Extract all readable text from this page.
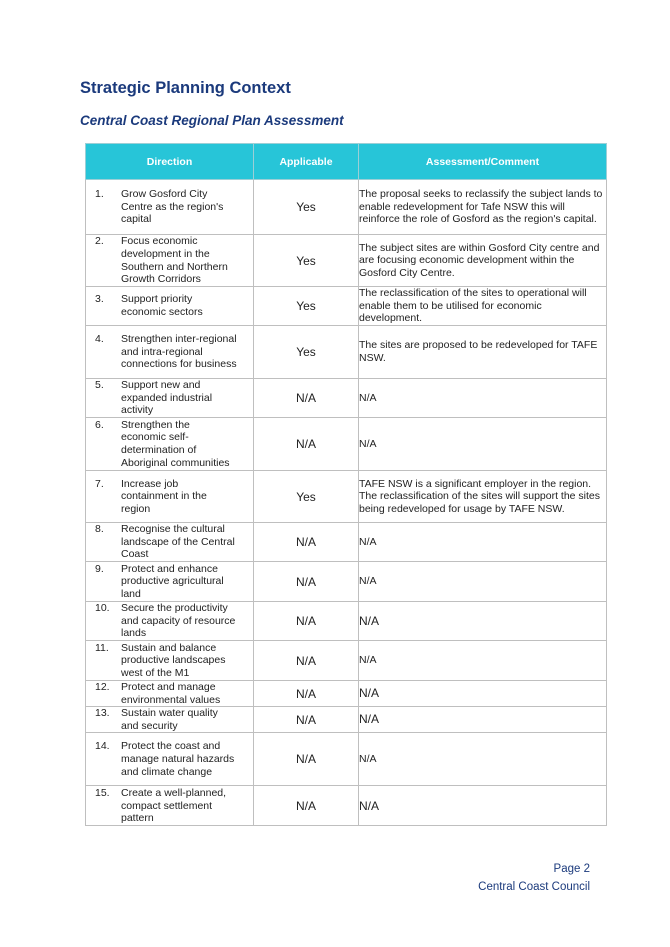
Strategic Planning Context
Central Coast Regional Plan Assessment
Direction	Applicable	Assessment/Comment

1. Grow Gosford City Centre as the region's capital	Yes	The proposal seeks to reclassify the subject lands to enable redevelopment for Tafe NSW this will reinforce the role of Gosford as the region's capital.

2. Focus economic development in the Southern and Northern Growth Corridors	Yes	The subject sites are within Gosford City centre and are focusing economic development within the Gosford City Centre.

3. Support priority economic sectors	Yes	The reclassification of the sites to operational will enable them to be utilised for economic development.

4. Strengthen inter-regional and intra-regional connections for business	Yes	The sites are proposed to be redeveloped for TAFE NSW.

5. Support new and expanded industrial activity	N/A	N/A

6. Strengthen the economic self-determination of Aboriginal communities	N/A	N/A

7. Increase job containment in the region	Yes	TAFE NSW is a significant employer in the region. The reclassification of the sites will support the sites being redeveloped for usage by TAFE NSW.

8. Recognise the cultural landscape of the Central Coast	N/A	N/A

9. Protect and enhance productive agricultural land	N/A	N/A

10. Secure the productivity and capacity of resource lands	N/A	N/A

11. Sustain and balance productive landscapes west of the M1	N/A	N/A

12. Protect and manage environmental values	N/A	N/A

13. Sustain water quality and security	N/A	N/A

14. Protect the coast and manage natural hazards and climate change	N/A	N/A

15. Create a well-planned, compact settlement pattern	N/A	N/A
Page 2
Central Coast Council
